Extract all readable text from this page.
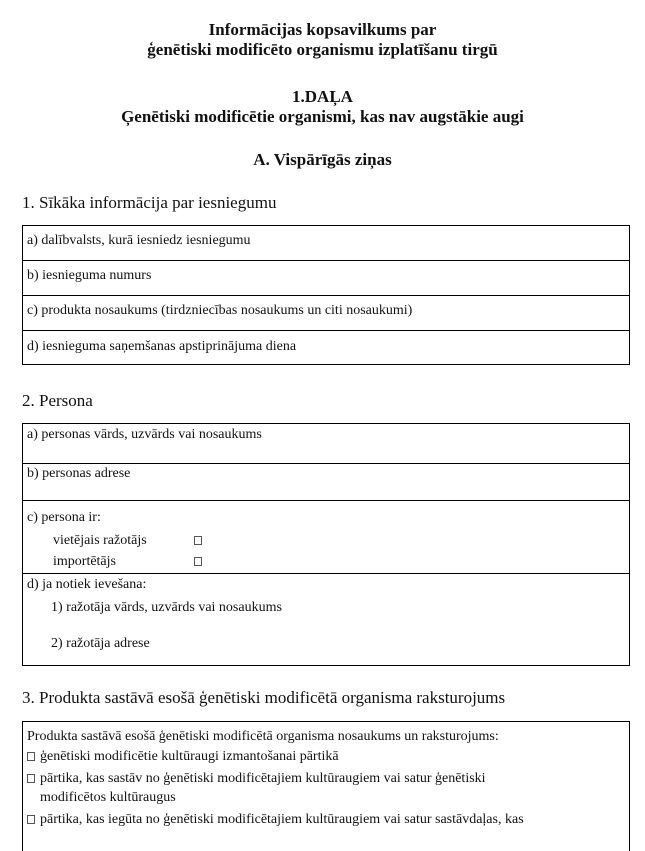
Informācijas kopsavilkums par
ģenētiski modificēto organismu izplatīšanu tirgū
1.DAĻA
Ģenētiski modificētie organismi, kas nav augstākie augi
A. Vispārīgās ziņas
1. Sīkāka informācija par iesniegumu
a) dalībvalsts, kurā iesniedz iesniegumu
b) iesnieguma numurs
c) produkta nosaukums (tirdzniecības nosaukums un citi nosaukumi)
d) iesnieguma saņemšanas apstiprinājuma diena
2. Persona
a) personas vārds, uzvārds vai nosaukums
b) personas adrese
c) persona ir:
vietējais ražotājs
importētājs
d) ja notiek ievešana:
1) ražotāja vārds, uzvārds vai nosaukums
2) ražotāja adrese
3. Produkta sastāvā esošā ģenētiski modificētā organisma raksturojums
Produkta sastāvā esošā ģenētiski modificētā organisma nosaukums un raksturojums:
ģenētiski modificētie kultūraugi izmantošanai pārtikā
pārtika, kas sastāv no ģenētiski modificētajiem kultūraugiem vai satur ģenētiski
modificētos kultūraugus
pārtika, kas iegūta no ģenētiski modificētajiem kultūraugiem vai satur sastāvdaļas, kas
